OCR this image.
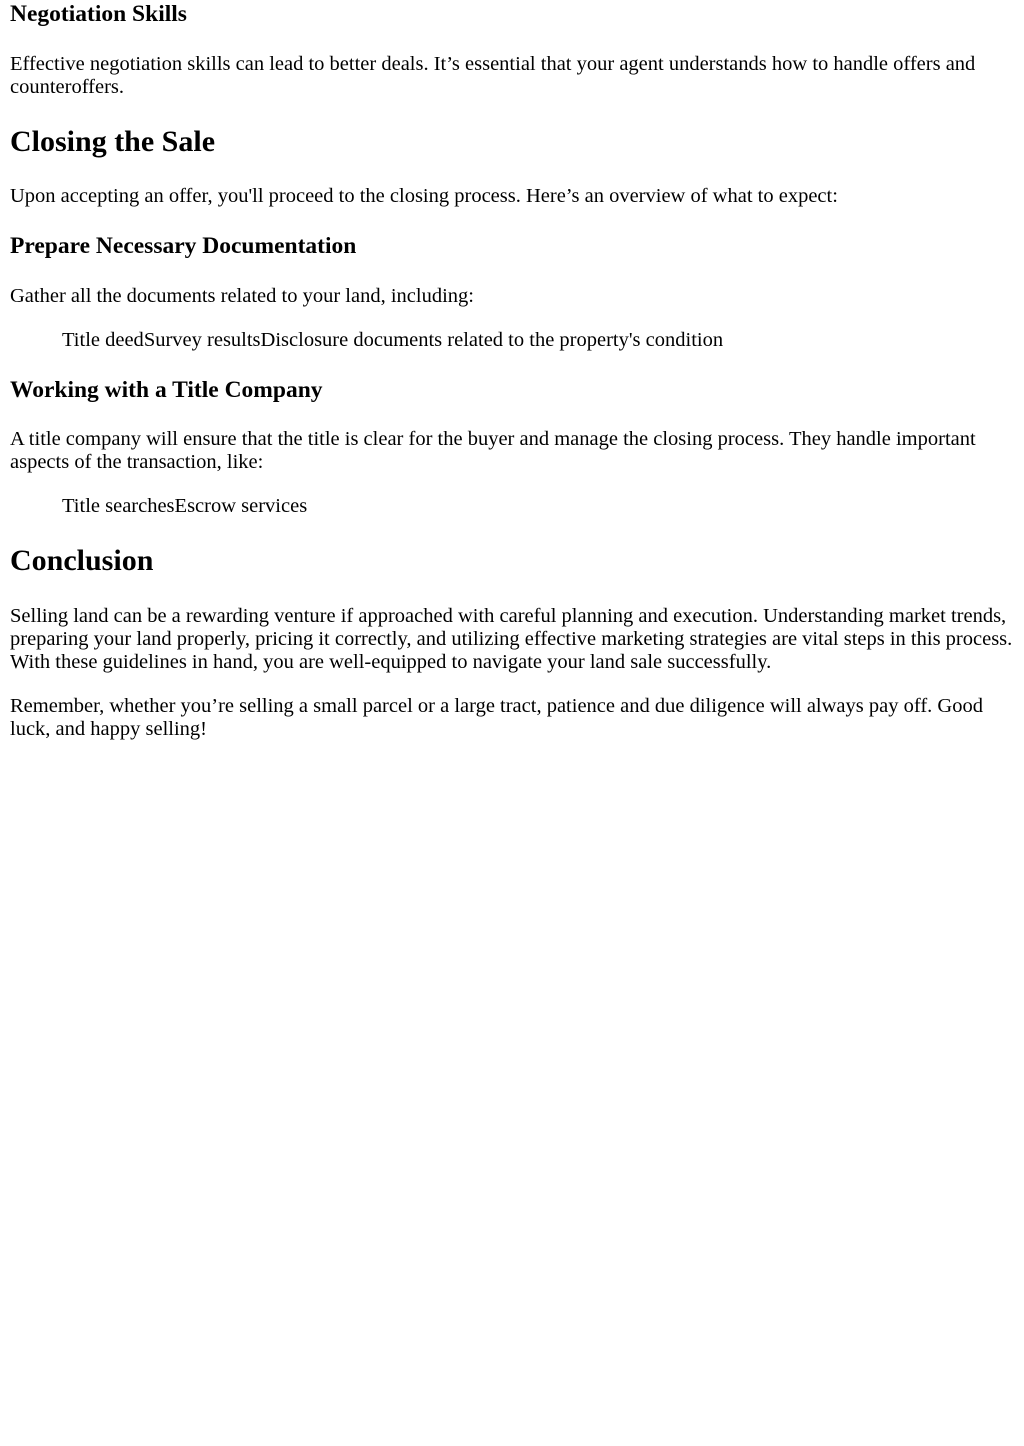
Negotiation Skills

Effective negotiation skills can lead to better deals. It’s essential that your agent understands how to handle offers and counteroffers.

Closing the Sale

Upon accepting an offer, you'll proceed to the closing process. Here’s an overview of what to expect:

Prepare Necessary Documentation

Gather all the documents related to your land, including:

Title deed Survey results Disclosure documents related to the property's condition
Working with a Title Company

A title company will ensure that the title is clear for the buyer and manage the closing process. They handle important aspects of the transaction, like:

Title searches Escrow services
Conclusion

Selling land can be a rewarding venture if approached with careful planning and execution. Understanding market trends, preparing your land properly, pricing it correctly, and utilizing effective marketing strategies are vital steps in this process. With these guidelines in hand, you are well-equipped to navigate your land sale successfully.

Remember, whether you’re selling a small parcel or a large tract, patience and due diligence will always pay off. Good luck, and happy selling!
